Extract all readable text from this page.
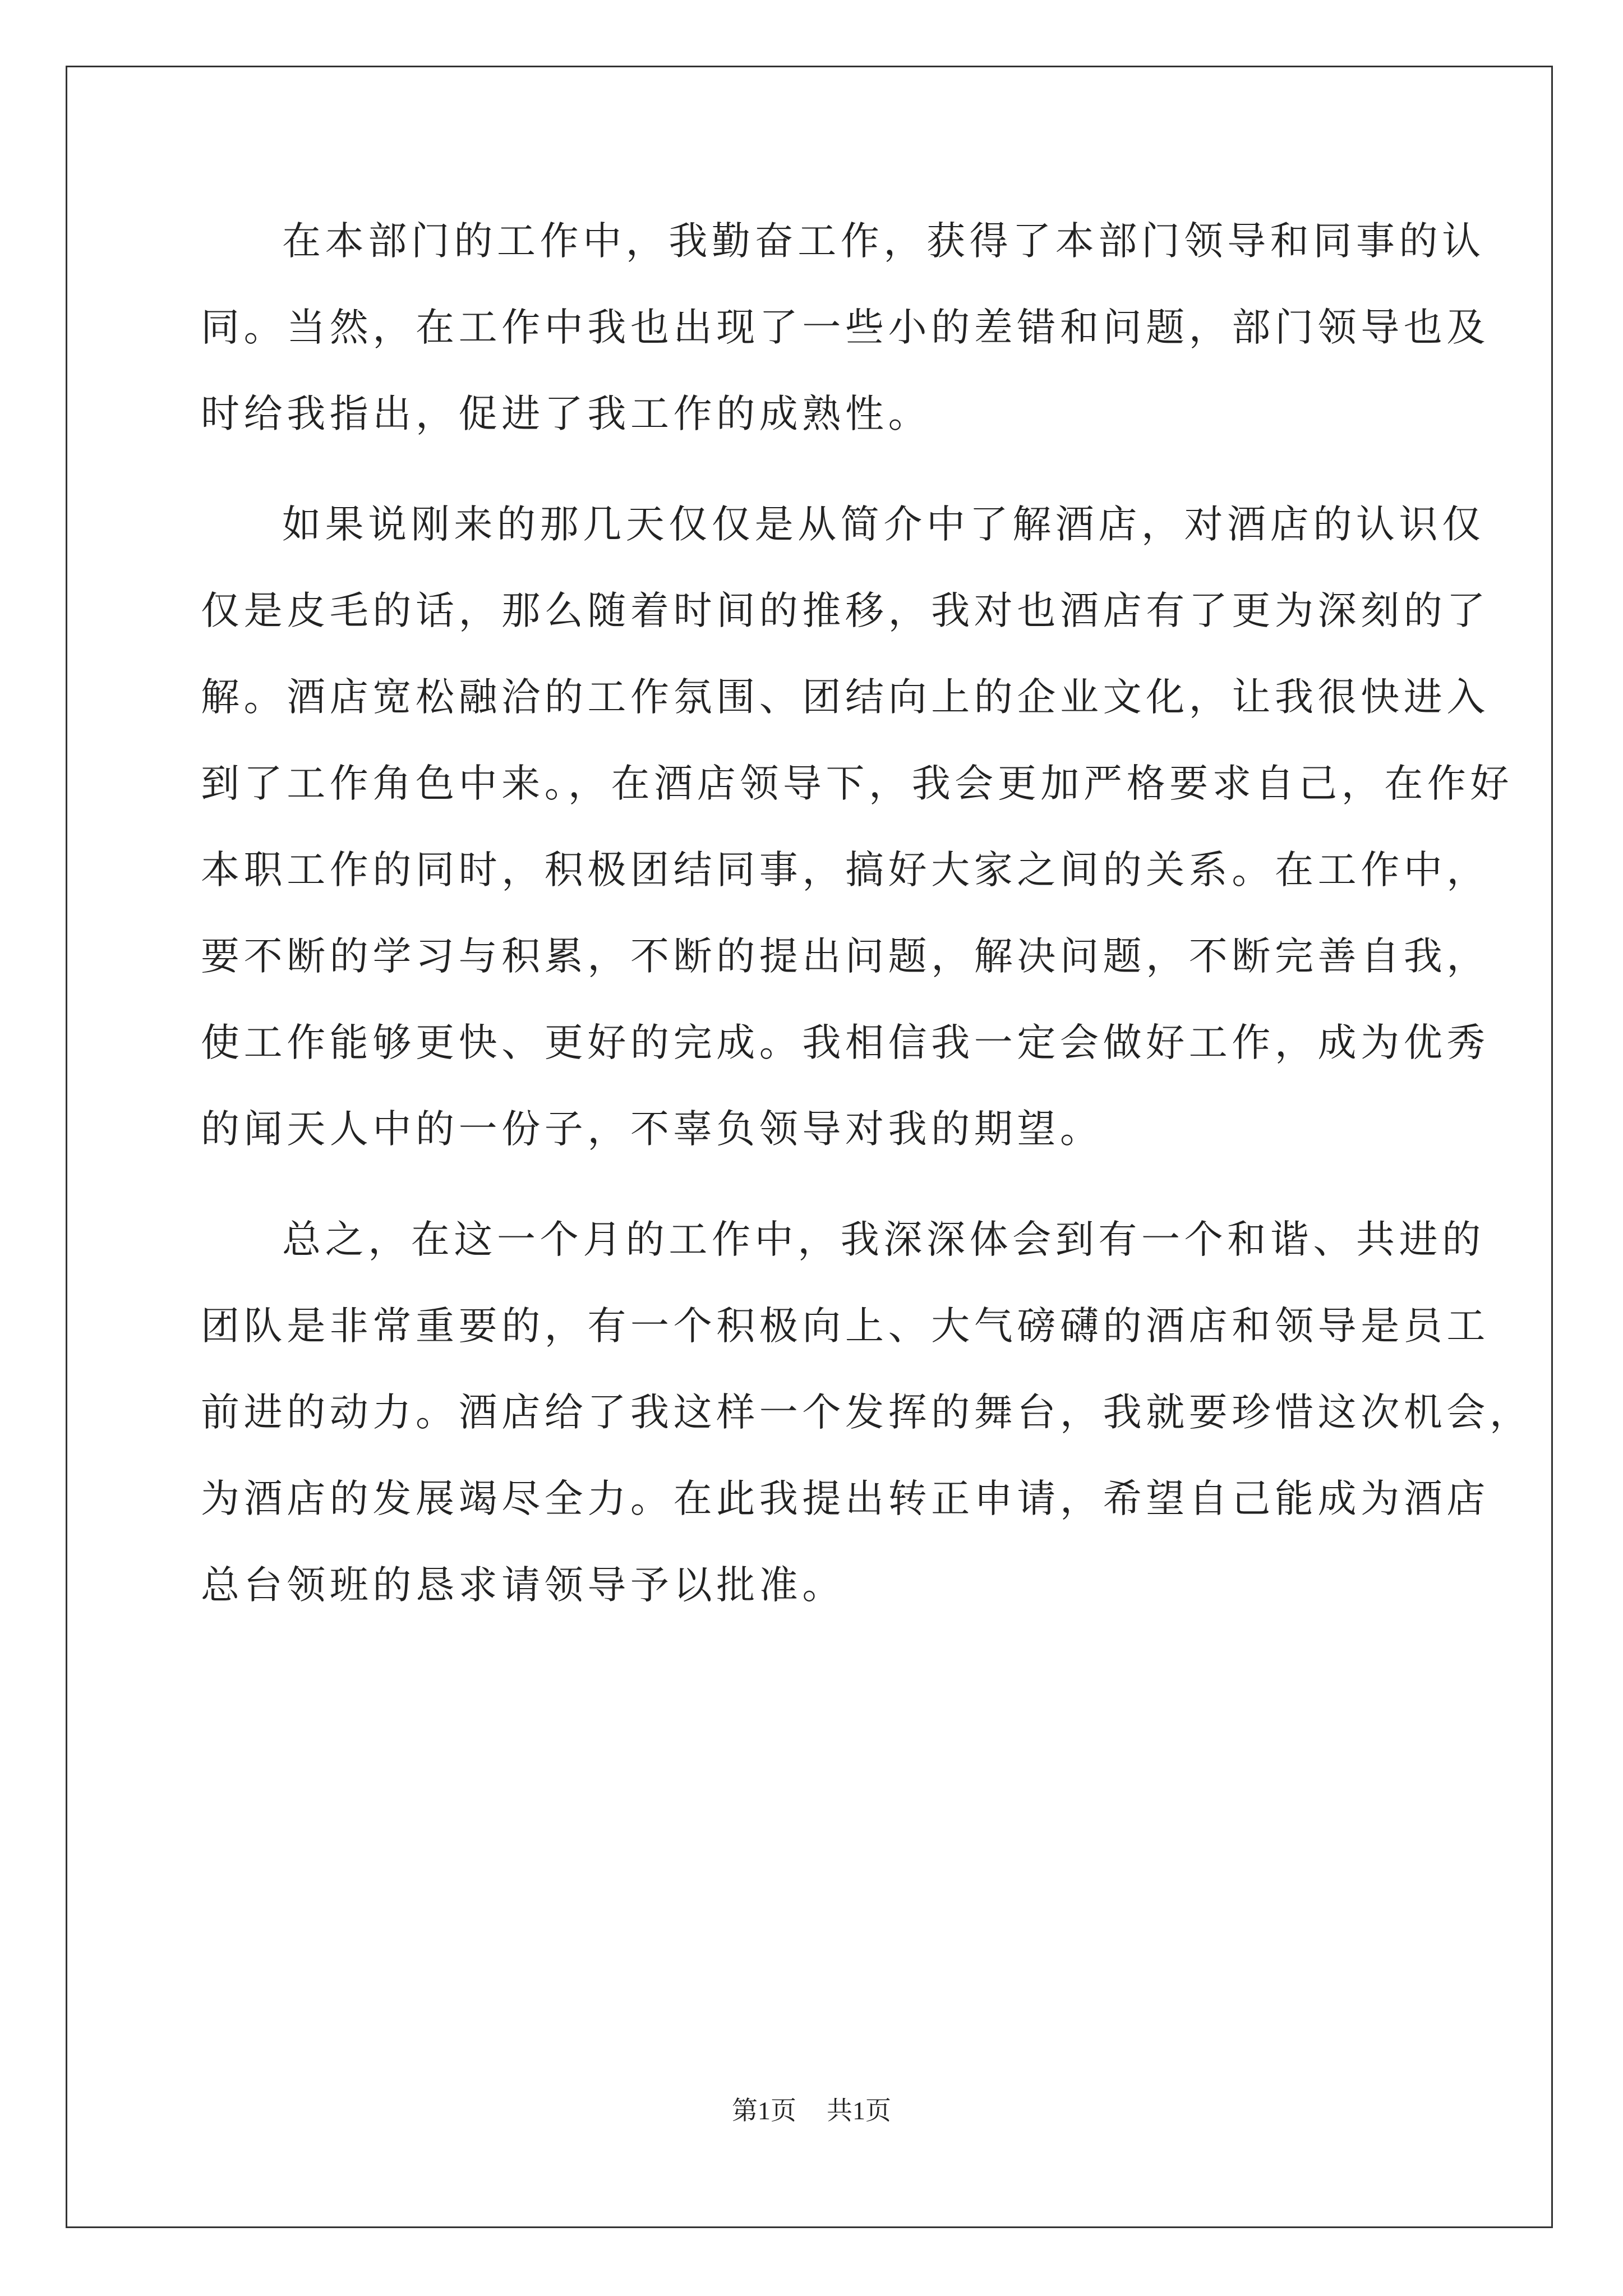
在本部门的工作中，我勤奋工作，获得了本部门领导和同事的认
同。当然，在工作中我也出现了一些小的差错和问题，部门领导也及
时给我指出，促进了我工作的成熟性。
如果说刚来的那几天仅仅是从简介中了解酒店，对酒店的认识仅
仅是皮毛的话，那么随着时间的推移，我对也酒店有了更为深刻的了
解。酒店宽松融洽的工作氛围、团结向上的企业文化，让我很快进入
到了工作角色中来。，在酒店领导下，我会更加严格要求自己，在作好
本职工作的同时，积极团结同事，搞好大家之间的关系。在工作中，
要不断的学习与积累，不断的提出问题，解决问题，不断完善自我，
使工作能够更快、更好的完成。我相信我一定会做好工作，成为优秀
的闻天人中的一份子，不辜负领导对我的期望。
总之，在这一个月的工作中，我深深体会到有一个和谐、共进的
团队是非常重要的，有一个积极向上、大气磅礴的酒店和领导是员工
前进的动力。酒店给了我这样一个发挥的舞台，我就要珍惜这次机会，
为酒店的发展竭尽全力。在此我提出转正申请，希望自己能成为酒店
总台领班的恳求请领导予以批准。
第1页 共1页
